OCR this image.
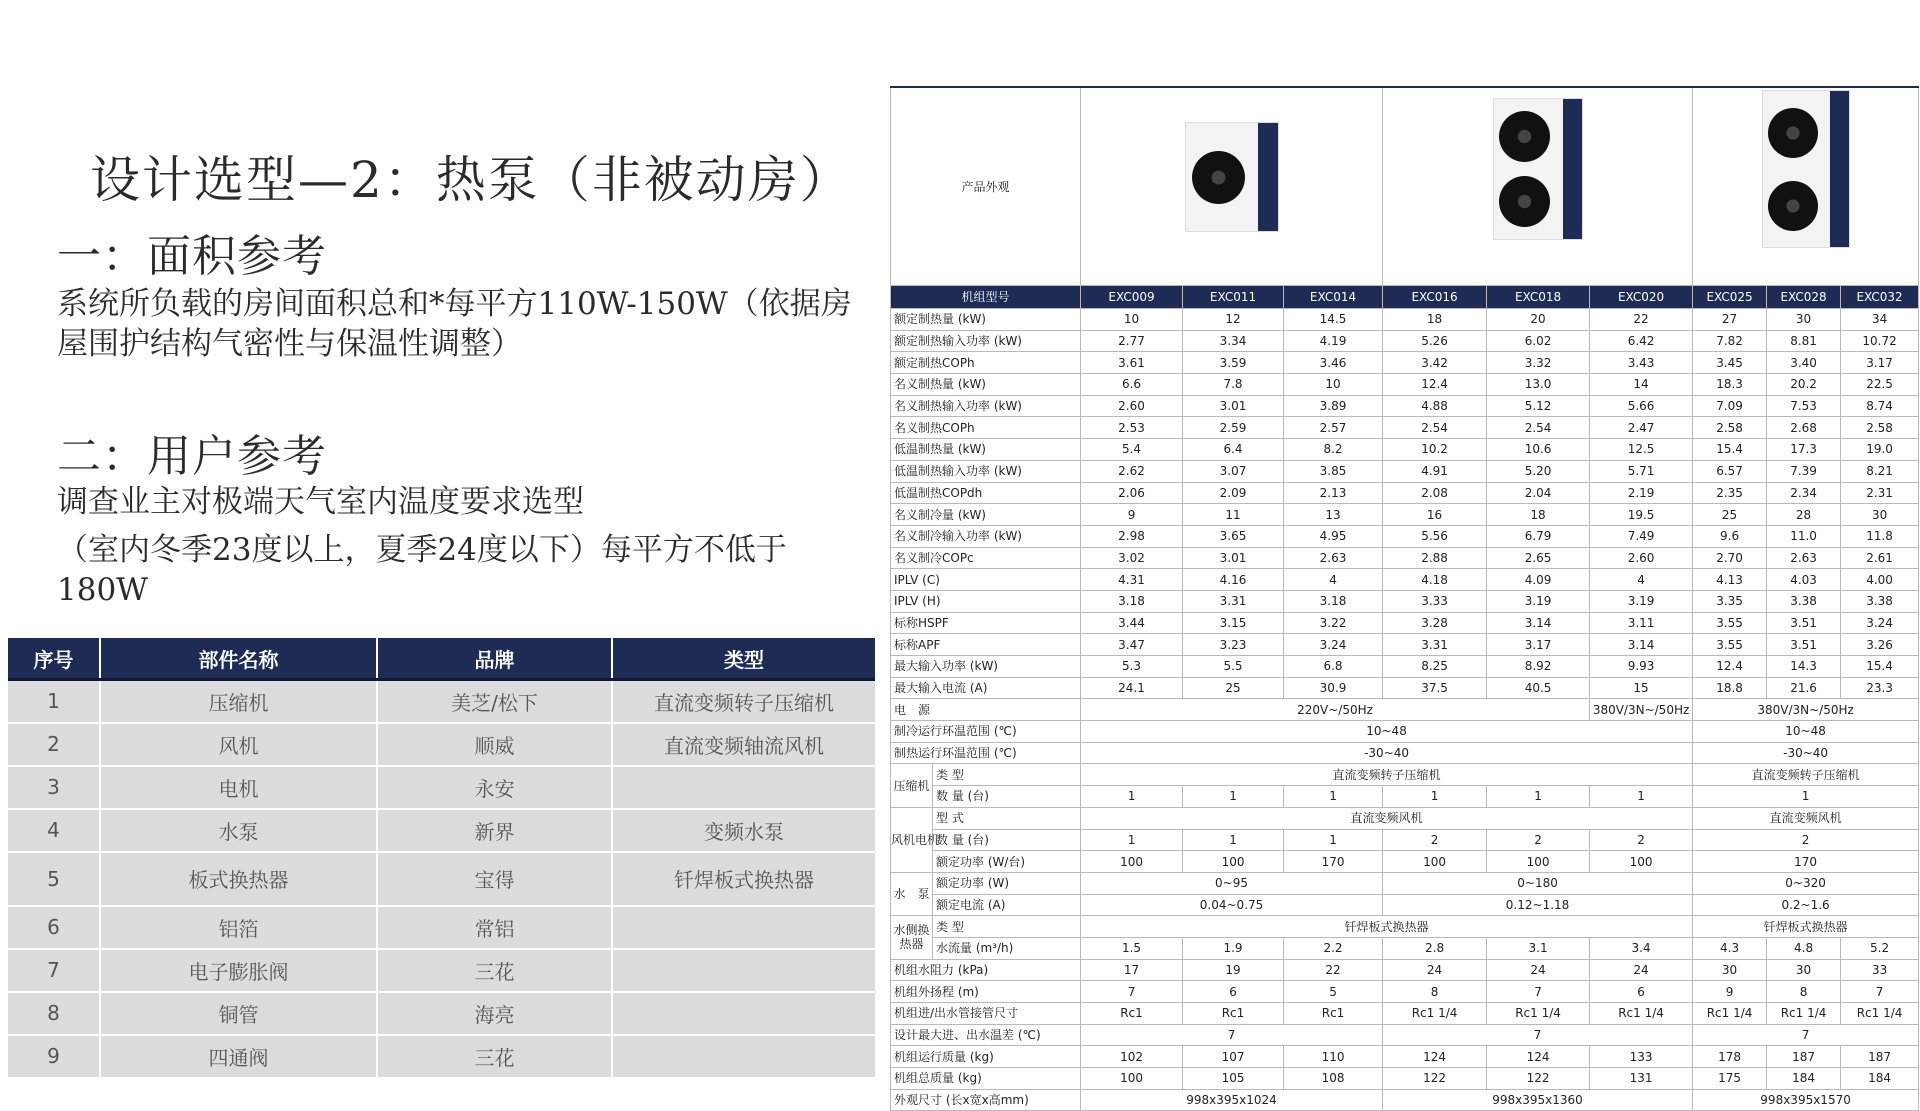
设计选型—2：热泵（非被动房）
一：面积参考
系统所负载的房间面积总和*每平方110W-150W（依据房屋围护结构气密性与保温性调整）
二：用户参考
调查业主对极端天气室内温度要求选型
（室内冬季23度以上，夏季24度以下）每平方不低于180W
序号	部件名称	品牌	类型
1	压缩机	美芝/松下	直流变频转子压缩机
2	风机	顺威	直流变频轴流风机
3	电机	永安	
4	水泵	新界	变频水泵
5	板式换热器	宝得	钎焊板式换热器
6	铝箔	常铝	
7	电子膨胀阀	三花	
8	铜管	海亮	
9	四通阀	三花	
产品外观								

机组型号		EXC009	EXC011	EXC014	EXC016	EXC018	EXC020	EXC025	EXC028	EXC032
额定制热量 (kW)		10	12	14.5	18	20	22	27	30	34
额定制热输入功率 (kW)		2.77	3.34	4.19	5.26	6.02	6.42	7.82	8.81	10.72
额定制热COPh		3.61	3.59	3.46	3.42	3.32	3.43	3.45	3.40	3.17
名义制热量 (kW)		6.6	7.8	10	12.4	13.0	14	18.3	20.2	22.5
名义制热输入功率 (kW)		2.60	3.01	3.89	4.88	5.12	5.66	7.09	7.53	8.74
名义制热COPh		2.53	2.59	2.57	2.54	2.54	2.47	2.58	2.68	2.58
低温制热量 (kW)		5.4	6.4	8.2	10.2	10.6	12.5	15.4	17.3	19.0
低温制热输入功率 (kW)		2.62	3.07	3.85	4.91	5.20	5.71	6.57	7.39	8.21
低温制热COPdh		2.06	2.09	2.13	2.08	2.04	2.19	2.35	2.34	2.31
名义制冷量 (kW)		9	11	13	16	18	19.5	25	28	30
名义制冷输入功率 (kW)		2.98	3.65	4.95	5.56	6.79	7.49	9.6	11.0	11.8
名义制冷COPc		3.02	3.01	2.63	2.88	2.65	2.60	2.70	2.63	2.61
IPLV (C)		4.31	4.16	4	4.18	4.09	4	4.13	4.03	4.00
IPLV (H)		3.18	3.31	3.18	3.33	3.19	3.19	3.35	3.38	3.38
标称HSPF		3.44	3.15	3.22	3.28	3.14	3.11	3.55	3.51	3.24
标称APF		3.47	3.23	3.24	3.31	3.17	3.14	3.55	3.51	3.26
最大输入功率 (kW)		5.3	5.5	6.8	8.25	8.92	9.93	12.4	14.3	15.4
最大输入电流 (A)		24.1	25	30.9	37.5	40.5	15	18.8	21.6	23.3
电　源		220V~/50Hz					380V/3N~/50Hz	380V/3N~/50Hz		
制冷运行环温范围 (℃)		10~48						10~48		
制热运行环温范围 (℃)		-30~40						-30~40		
压缩机	类 型	直流变频转子压缩机						直流变频转子压缩机		
	数 量 (台)	1	1	1	1	1	1	1		
风机电机	型 式	直流变频风机						直流变频风机		
	数 量 (台)	1	1	1	2	2	2	2		
	额定功率 (W/台)	100	100	170	100	100	100	170		
水　泵	额定功率 (W)	0~95			0~180			0~320		
	额定电流 (A)	0.04~0.75			0.12~1.18			0.2~1.6		
水侧换热器	类 型	钎焊板式换热器						钎焊板式换热器		
	水流量 (m³/h)	1.5	1.9	2.2	2.8	3.1	3.4	4.3	4.8	5.2
机组水阻力 (kPa)		17	19	22	24	24	24	30	30	33
机组外扬程 (m)		7	6	5	8	7	6	9	8	7
机组进/出水管接管尺寸		Rc1	Rc1	Rc1	Rc1 1/4	Rc1 1/4	Rc1 1/4	Rc1 1/4	Rc1 1/4	Rc1 1/4
设计最大进、出水温差 (℃)		7			7			7		
机组运行质量 (kg)		102	107	110	124	124	133	178	187	187
机组总质量 (kg)		100	105	108	122	122	131	175	184	184
外观尺寸 (长x宽x高mm)		998x395x1024			998x395x1360			998x395x1570		
